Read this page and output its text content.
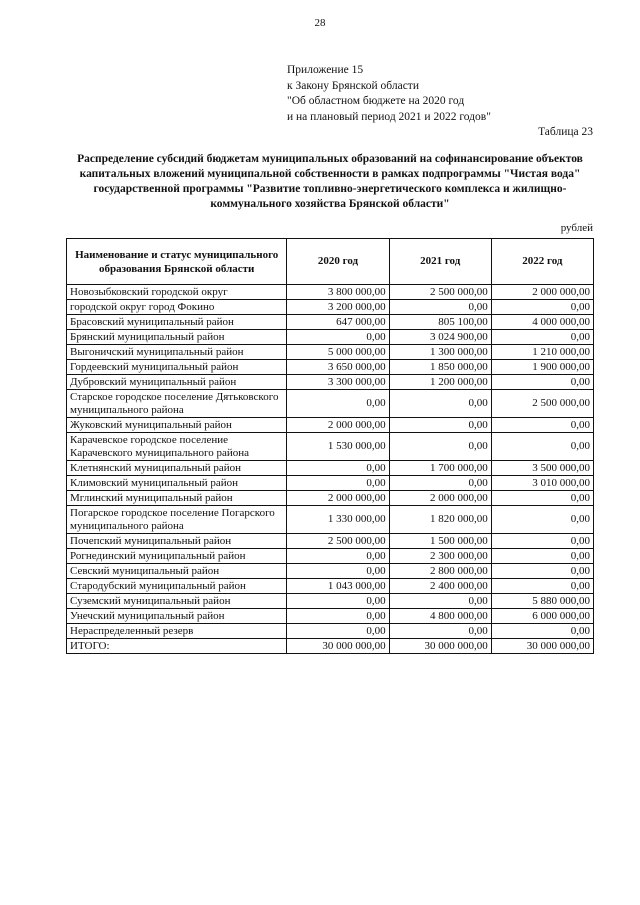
28
Приложение 15
к Закону Брянской области
"Об областном бюджете на 2020 год
и на плановый период 2021 и 2022 годов"
Таблица 23
Распределение субсидий бюджетам муниципальных образований на софинансирование объектов капитальных вложений муниципальной собственности в рамках подпрограммы "Чистая вода" государственной программы "Развитие топливно-энергетического комплекса и жилищно-коммунального хозяйства Брянской области"
рублей
Наименование и статус муниципального образования Брянской области	2020 год	2021 год	2022 год
Новозыбковский городской округ	3 800 000,00	2 500 000,00	2 000 000,00
городской округ город Фокино	3 200 000,00	0,00	0,00
Брасовский муниципальный район	647 000,00	805 100,00	4 000 000,00
Брянский муниципальный район	0,00	3 024 900,00	0,00
Выгоничский муниципальный район	5 000 000,00	1 300 000,00	1 210 000,00
Гордеевский муниципальный район	3 650 000,00	1 850 000,00	1 900 000,00
Дубровский муниципальный район	3 300 000,00	1 200 000,00	0,00
Старское городское поселение Дятьковского муниципального района	0,00	0,00	2 500 000,00
Жуковский муниципальный район	2 000 000,00	0,00	0,00
Карачевское городское поселение Карачевского муниципального района	1 530 000,00	0,00	0,00
Клетнянский муниципальный район	0,00	1 700 000,00	3 500 000,00
Климовский муниципальный район	0,00	0,00	3 010 000,00
Мглинский муниципальный район	2 000 000,00	2 000 000,00	0,00
Погарское городское поселение Погарского муниципального района	1 330 000,00	1 820 000,00	0,00
Почепский муниципальный район	2 500 000,00	1 500 000,00	0,00
Рогнединский муниципальный район	0,00	2 300 000,00	0,00
Севский муниципальный район	0,00	2 800 000,00	0,00
Стародубский муниципальный район	1 043 000,00	2 400 000,00	0,00
Суземский муниципальный район	0,00	0,00	5 880 000,00
Унечский муниципальный район	0,00	4 800 000,00	6 000 000,00
Нераспределенный резерв	0,00	0,00	0,00
ИТОГО:	30 000 000,00	30 000 000,00	30 000 000,00
